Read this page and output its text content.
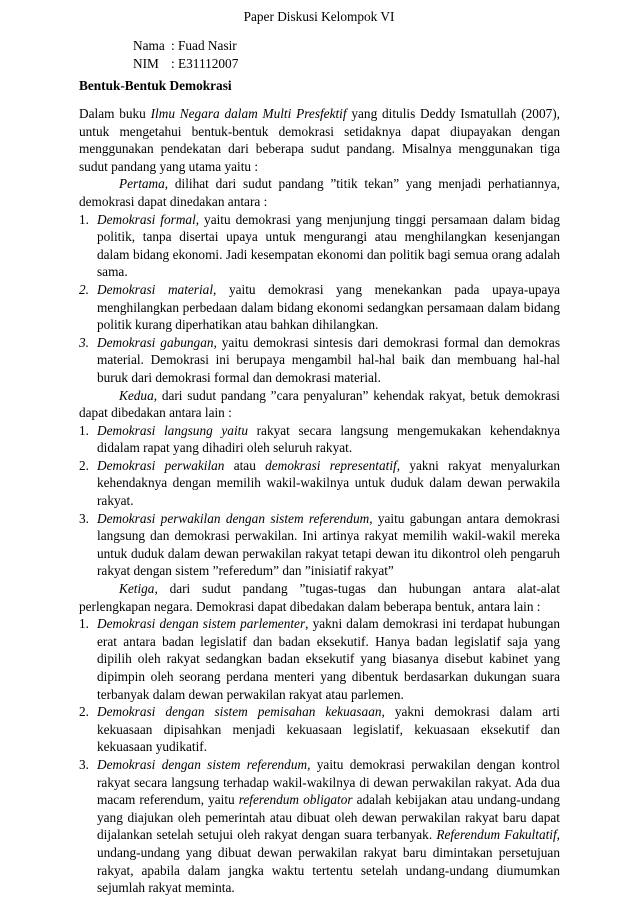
Paper Diskusi Kelompok VI
Nama : Fuad Nasir
NIM : E31112007
Bentuk-Bentuk Demokrasi

Dalam buku Ilmu Negara dalam Multi Presfektif yang ditulis Deddy Ismatullah (2007), untuk mengetahui bentuk-bentuk demokrasi setidaknya dapat diupayakan dengan menggunakan pendekatan dari beberapa sudut pandang. Misalnya menggunakan tiga sudut pandang yang utama yaitu :

Pertama, dilihat dari sudut pandang ”titik tekan” yang menjadi perhatiannya, demokrasi dapat dinedakan antara :

1. Demokrasi formal, yaitu demokrasi yang menjunjung tinggi persamaan dalam bidag politik, tanpa disertai upaya untuk mengurangi atau menghilangkan kesenjangan dalam bidang ekonomi. Jadi kesempatan ekonomi dan politik bagi semua orang adalah sama.
2. Demokrasi material, yaitu demokrasi yang menekankan pada upaya-upaya menghilangkan perbedaan dalam bidang ekonomi sedangkan persamaan dalam bidang politik kurang diperhatikan atau bahkan dihilangkan.
3. Demokrasi gabungan, yaitu demokrasi sintesis dari demokrasi formal dan demokras material. Demokrasi ini berupaya mengambil hal-hal baik dan membuang hal-hal buruk dari demokrasi formal dan demokrasi material.

Kedua, dari sudut pandang ”cara penyaluran” kehendak rakyat, betuk demokrasi dapat dibedakan antara lain :

1. Demokrasi langsung yaitu rakyat secara langsung mengemukakan kehendaknya didalam rapat yang dihadiri oleh seluruh rakyat.
2. Demokrasi perwakilan atau demokrasi representatif, yakni rakyat menyalurkan kehendaknya dengan memilih wakil-wakilnya untuk duduk dalam dewan perwakila rakyat.
3. Demokrasi perwakilan dengan sistem referendum, yaitu gabungan antara demokrasi langsung dan demokrasi perwakilan. Ini artinya rakyat memilih wakil-wakil mereka untuk duduk dalam dewan perwakilan rakyat tetapi dewan itu dikontrol oleh pengaruh rakyat dengan sistem ”referedum” dan ”inisiatif rakyat”

Ketiga, dari sudut pandang ”tugas-tugas dan hubungan antara alat-alat perlengkapan negara. Demokrasi dapat dibedakan dalam beberapa bentuk, antara lain :

1. Demokrasi dengan sistem parlementer, yakni dalam demokrasi ini terdapat hubungan erat antara badan legislatif dan badan eksekutif. Hanya badan legislatif saja yang dipilih oleh rakyat sedangkan badan eksekutif yang biasanya disebut kabinet yang dipimpin oleh seorang perdana menteri yang dibentuk berdasarkan dukungan suara terbanyak dalam dewan perwakilan rakyat atau parlemen.
2. Demokrasi dengan sistem pemisahan kekuasaan, yakni demokrasi dalam arti kekuasaan dipisahkan menjadi kekuasaan legislatif, kekuasaan eksekutif dan kekuasaan yudikatif.
3. Demokrasi dengan sistem referendum, yaitu demokrasi perwakilan dengan kontrol rakyat secara langsung terhadap wakil-wakilnya di dewan perwakilan rakyat. Ada dua macam referendum, yaitu referendum obligator adalah kebijakan atau undang-undang yang diajukan oleh pemerintah atau dibuat oleh dewan perwakilan rakyat baru dapat dijalankan setelah setujui oleh rakyat dengan suara terbanyak. Referendum Fakultatif, undang-undang yang dibuat dewan perwakilan rakyat baru dimintakan persetujuan rakyat, apabila dalam jangka waktu tertentu setelah undang-undang diumumkan sejumlah rakyat meminta.
